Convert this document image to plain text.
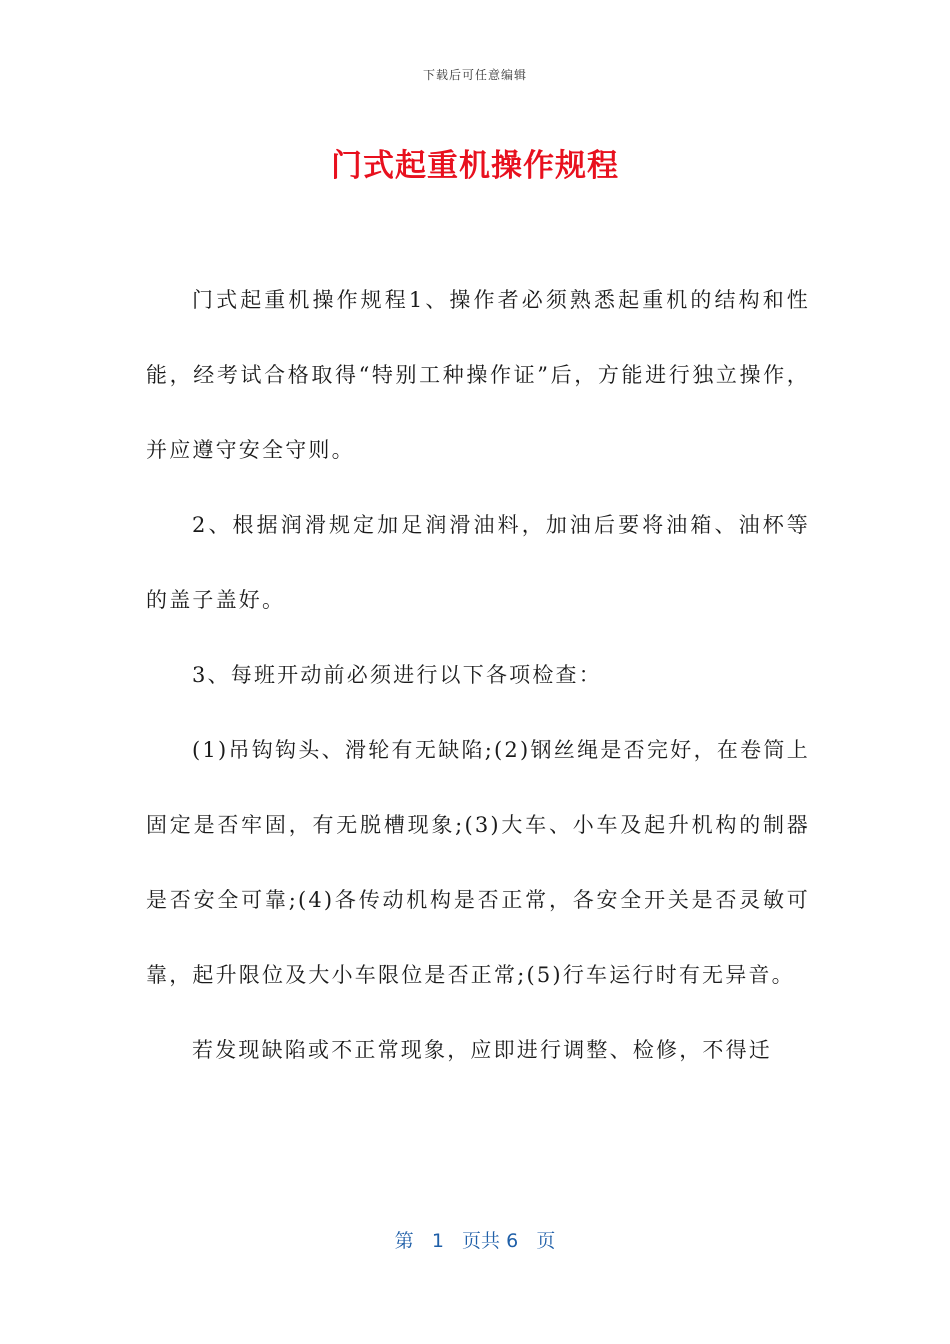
下载后可任意编辑
门式起重机操作规程

门式起重机操作规程1、操作者必须熟悉起重机的结构和性能，经考试合格取得“特别工种操作证”后，方能进行独立操作，并应遵守安全守则。

2、根据润滑规定加足润滑油料，加油后要将油箱、油杯等的盖子盖好。

3、每班开动前必须进行以下各项检查：

(1)吊钩钩头、滑轮有无缺陷;(2)钢丝绳是否完好，在卷筒上固定是否牢固，有无脱槽现象;(3)大车、小车及起升机构的制器是否安全可靠;(4)各传动机构是否正常，各安全开关是否灵敏可靠，起升限位及大小车限位是否正常;(5)行车运行时有无异音。

若发现缺陷或不正常现象，应即进行调整、检修，不得迁

第 1 页共 6 页
